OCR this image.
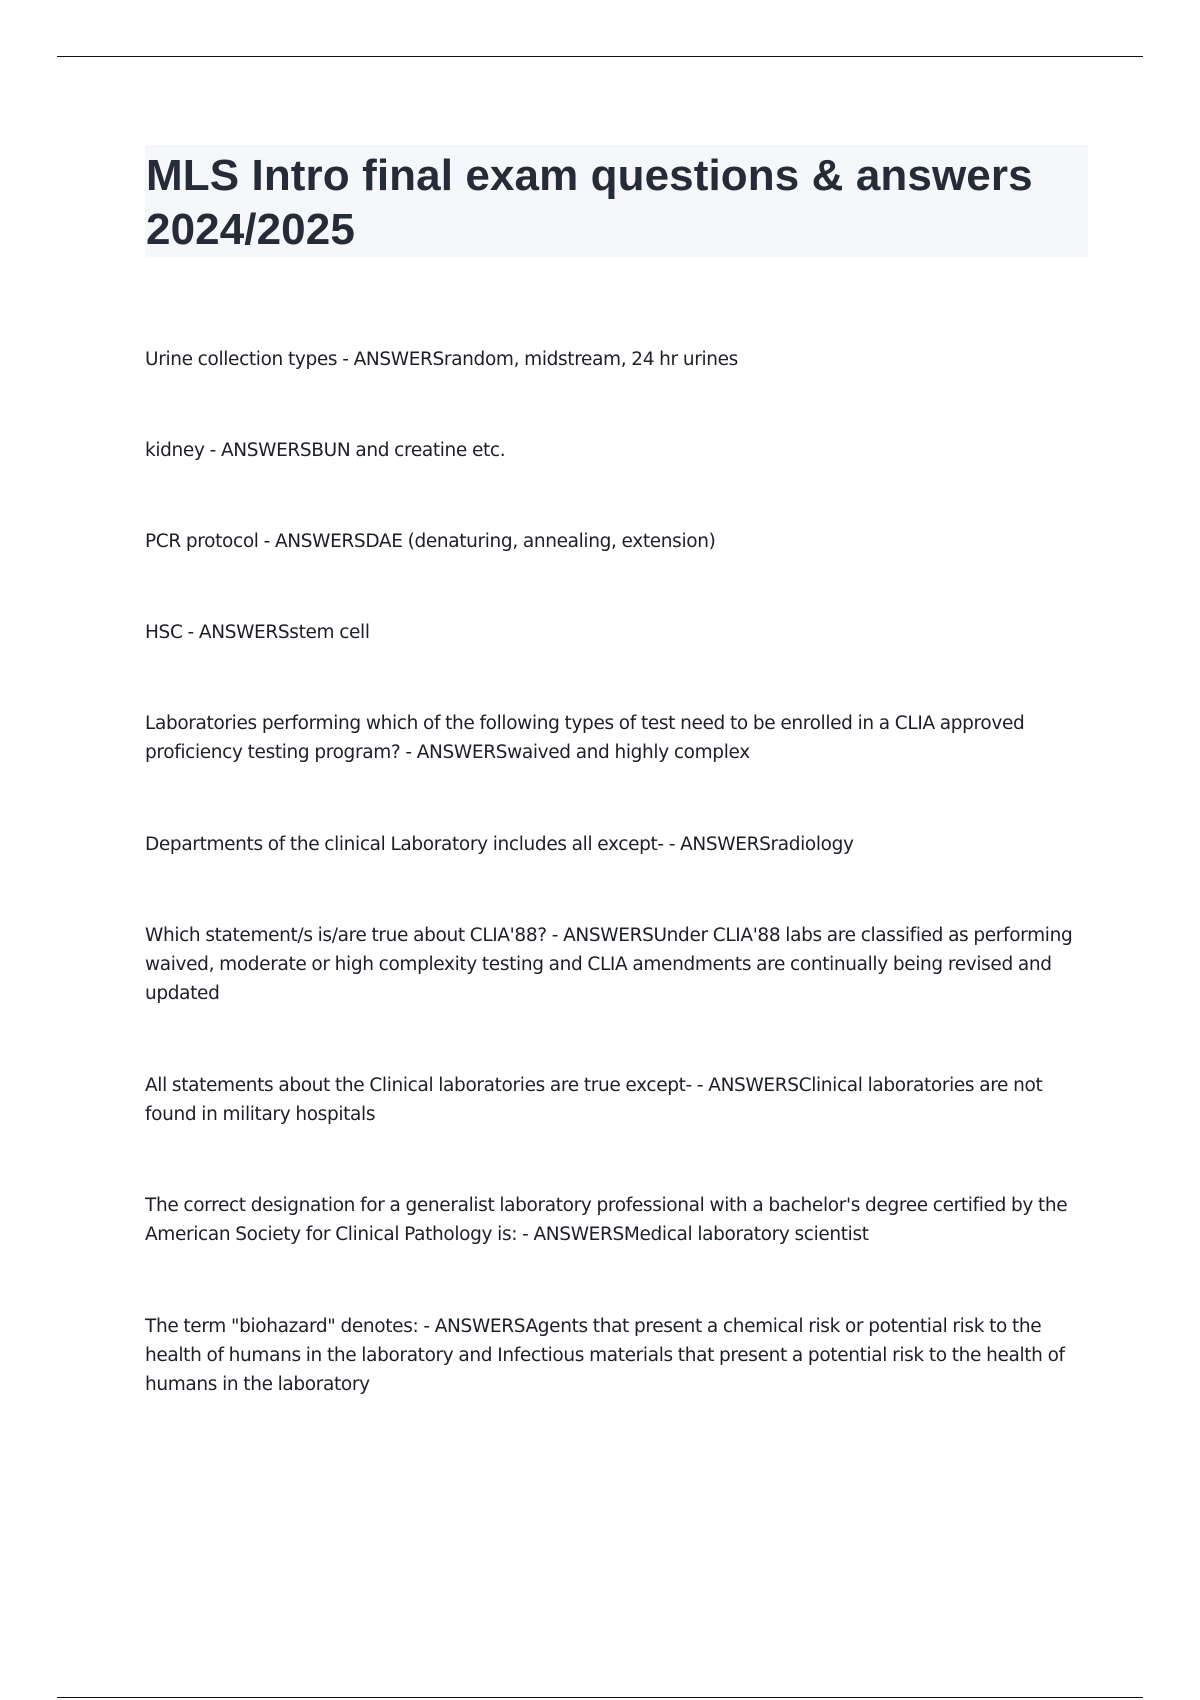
MLS Intro final exam questions & answers 2024/2025
Urine collection types - ANSWERSrandom, midstream, 24 hr urines
kidney - ANSWERSBUN and creatine etc.
PCR protocol - ANSWERSDAE (denaturing, annealing, extension)
HSC - ANSWERSstem cell
Laboratories performing which of the following types of test need to be enrolled in a CLIA approved proficiency testing program? - ANSWERSwaived and highly complex
Departments of the clinical Laboratory includes all except- - ANSWERSradiology
Which statement/s is/are true about CLIA'88? - ANSWERSUnder CLIA'88 labs are classified as performing waived, moderate or high complexity testing and CLIA amendments are continually being revised and updated
All statements about the Clinical laboratories are true except- - ANSWERSClinical laboratories are not found in military hospitals
The correct designation for a generalist laboratory professional with a bachelor's degree certified by the American Society for Clinical Pathology is: - ANSWERSMedical laboratory scientist
The term "biohazard" denotes: - ANSWERSAgents that present a chemical risk or potential risk to the health of humans in the laboratory and Infectious materials that present a potential risk to the health of humans in the laboratory
